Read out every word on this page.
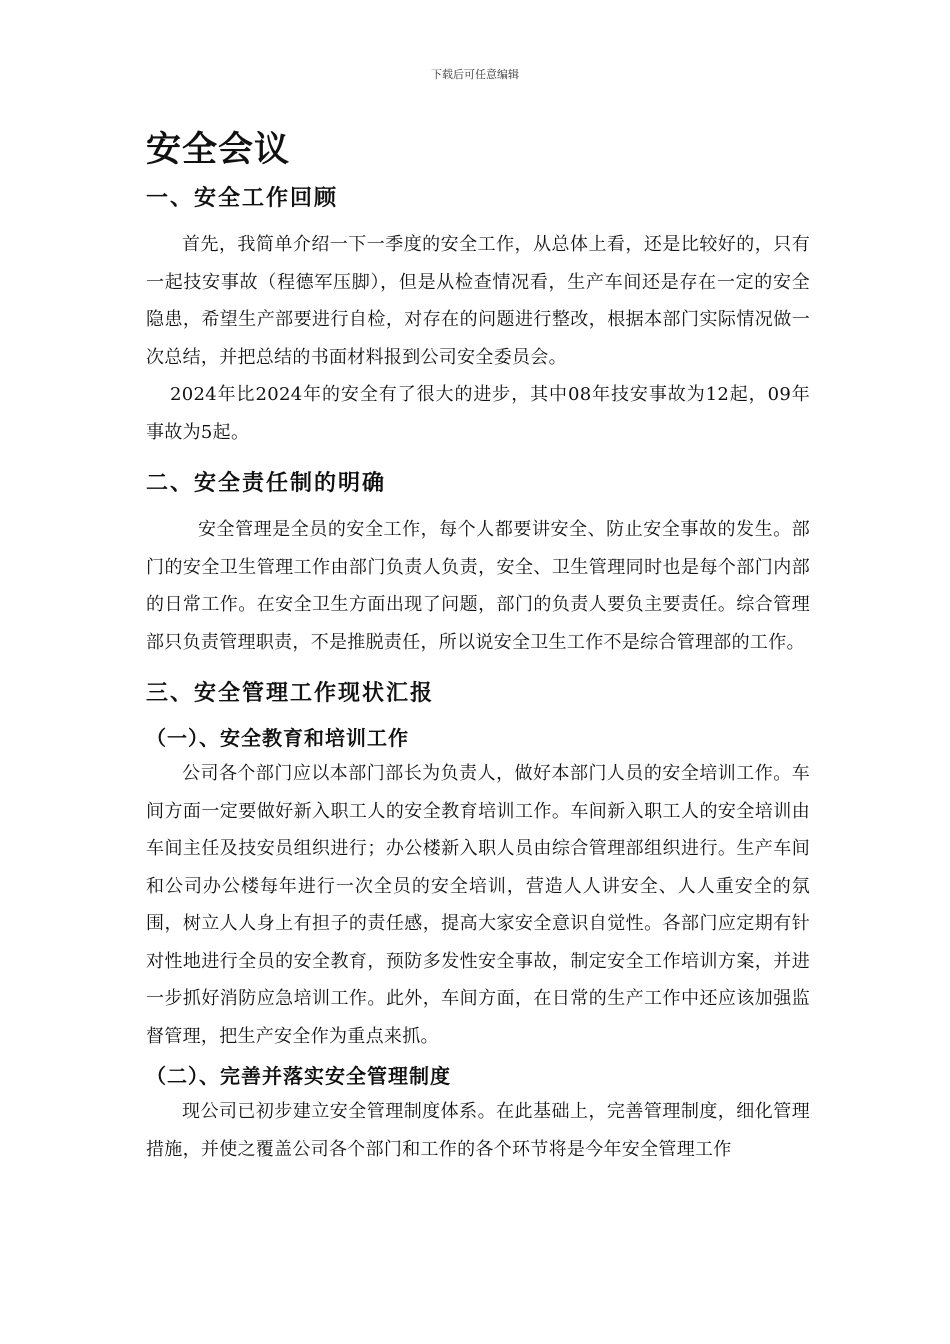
下载后可任意编辑
安全会议
一、安全工作回顾

首先，我简单介绍一下一季度的安全工作，从总体上看，还是比较好的，只有一起技安事故（程德军压脚），但是从检查情况看，生产车间还是存在一定的安全隐患，希望生产部要进行自检，对存在的问题进行整改，根据本部门实际情况做一次总结，并把总结的书面材料报到公司安全委员会。

2024年比2024年的安全有了很大的进步，其中08年技安事故为12起，09年事故为5起。

二、安全责任制的明确

安全管理是全员的安全工作，每个人都要讲安全、防止安全事故的发生。部门的安全卫生管理工作由部门负责人负责，安全、卫生管理同时也是每个部门内部的日常工作。在安全卫生方面出现了问题，部门的负责人要负主要责任。综合管理部只负责管理职责，不是推脱责任，所以说安全卫生工作不是综合管理部的工作。

三、安全管理工作现状汇报
（一）、安全教育和培训工作

公司各个部门应以本部门部长为负责人，做好本部门人员的安全培训工作。车间方面一定要做好新入职工人的安全教育培训工作。车间新入职工人的安全培训由车间主任及技安员组织进行；办公楼新入职人员由综合管理部组织进行。生产车间和公司办公楼每年进行一次全员的安全培训，营造人人讲安全、人人重安全的氛围，树立人人身上有担子的责任感，提高大家安全意识自觉性。各部门应定期有针对性地进行全员的安全教育，预防多发性安全事故，制定安全工作培训方案，并进一步抓好消防应急培训工作。此外，车间方面，在日常的生产工作中还应该加强监督管理，把生产安全作为重点来抓。

（二）、完善并落实安全管理制度

现公司已初步建立安全管理制度体系。在此基础上，完善管理制度，细化管理措施，并使之覆盖公司各个部门和工作的各个环节将是今年安全管理工作
